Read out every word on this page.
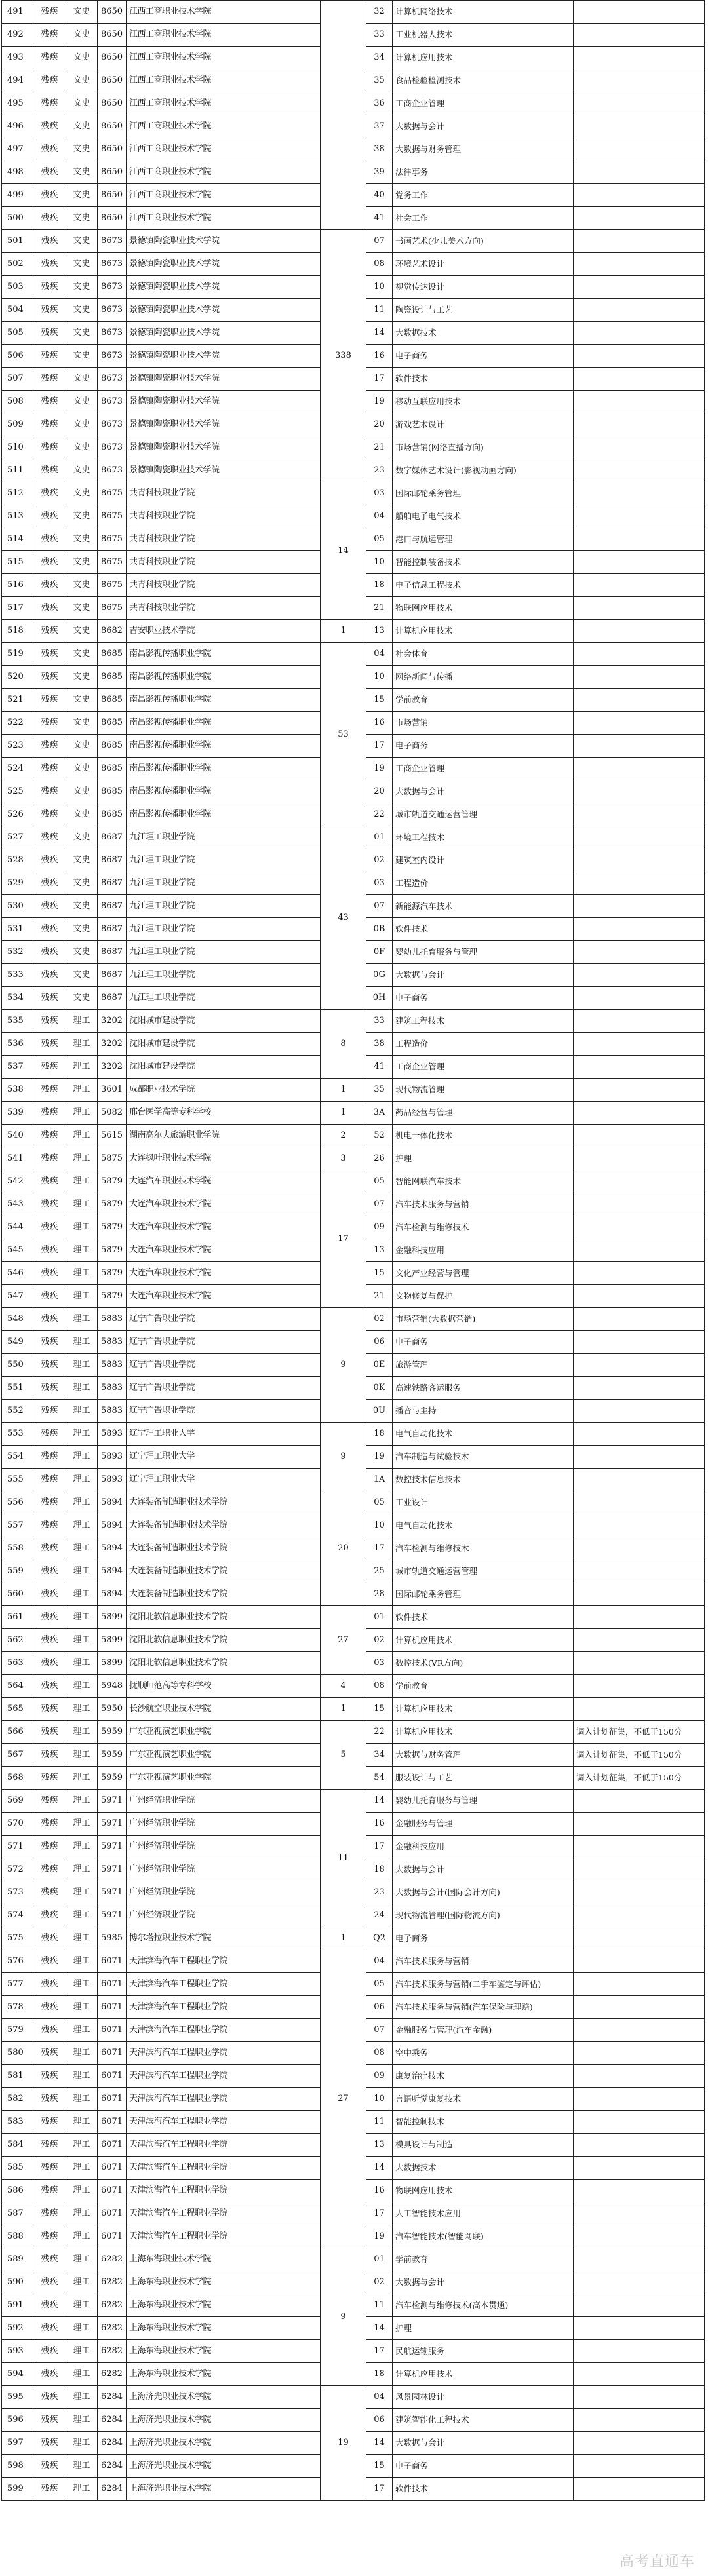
491	残疾	文史	8650	江西工商职业技术学院		32	计算机网络技术	
492	残疾	文史	8650	江西工商职业技术学院		33	工业机器人技术	
493	残疾	文史	8650	江西工商职业技术学院		34	计算机应用技术	
494	残疾	文史	8650	江西工商职业技术学院		35	食品检验检测技术	
495	残疾	文史	8650	江西工商职业技术学院		36	工商企业管理	
496	残疾	文史	8650	江西工商职业技术学院		37	大数据与会计	
497	残疾	文史	8650	江西工商职业技术学院		38	大数据与财务管理	
498	残疾	文史	8650	江西工商职业技术学院		39	法律事务	
499	残疾	文史	8650	江西工商职业技术学院		40	党务工作	
500	残疾	文史	8650	江西工商职业技术学院		41	社会工作	
501	残疾	文史	8673	景德镇陶瓷职业技术学院	338	07	书画艺术(少儿美术方向)	
502	残疾	文史	8673	景德镇陶瓷职业技术学院		08	环境艺术设计	
503	残疾	文史	8673	景德镇陶瓷职业技术学院		10	视觉传达设计	
504	残疾	文史	8673	景德镇陶瓷职业技术学院		11	陶瓷设计与工艺	
505	残疾	文史	8673	景德镇陶瓷职业技术学院		14	大数据技术	
506	残疾	文史	8673	景德镇陶瓷职业技术学院		16	电子商务	
507	残疾	文史	8673	景德镇陶瓷职业技术学院		17	软件技术	
508	残疾	文史	8673	景德镇陶瓷职业技术学院		19	移动互联应用技术	
509	残疾	文史	8673	景德镇陶瓷职业技术学院		20	游戏艺术设计	
510	残疾	文史	8673	景德镇陶瓷职业技术学院		21	市场营销(网络直播方向)	
511	残疾	文史	8673	景德镇陶瓷职业技术学院		23	数字媒体艺术设计(影视动画方向)	
512	残疾	文史	8675	共青科技职业学院	14	03	国际邮轮乘务管理	
513	残疾	文史	8675	共青科技职业学院		04	船舶电子电气技术	
514	残疾	文史	8675	共青科技职业学院		05	港口与航运管理	
515	残疾	文史	8675	共青科技职业学院		10	智能控制装备技术	
516	残疾	文史	8675	共青科技职业学院		18	电子信息工程技术	
517	残疾	文史	8675	共青科技职业学院		21	物联网应用技术	
518	残疾	文史	8682	吉安职业技术学院	1	13	计算机应用技术	
519	残疾	文史	8685	南昌影视传播职业学院	53	04	社会体育	
520	残疾	文史	8685	南昌影视传播职业学院		10	网络新闻与传播	
521	残疾	文史	8685	南昌影视传播职业学院		15	学前教育	
522	残疾	文史	8685	南昌影视传播职业学院		16	市场营销	
523	残疾	文史	8685	南昌影视传播职业学院		17	电子商务	
524	残疾	文史	8685	南昌影视传播职业学院		19	工商企业管理	
525	残疾	文史	8685	南昌影视传播职业学院		20	大数据与会计	
526	残疾	文史	8685	南昌影视传播职业学院		22	城市轨道交通运营管理	
527	残疾	文史	8687	九江理工职业学院	43	01	环境工程技术	
528	残疾	文史	8687	九江理工职业学院		02	建筑室内设计	
529	残疾	文史	8687	九江理工职业学院		03	工程造价	
530	残疾	文史	8687	九江理工职业学院		07	新能源汽车技术	
531	残疾	文史	8687	九江理工职业学院		0B	软件技术	
532	残疾	文史	8687	九江理工职业学院		0F	婴幼儿托育服务与管理	
533	残疾	文史	8687	九江理工职业学院		0G	大数据与会计	
534	残疾	文史	8687	九江理工职业学院		0H	电子商务	
535	残疾	理工	3202	沈阳城市建设学院	8	33	建筑工程技术	
536	残疾	理工	3202	沈阳城市建设学院		38	工程造价	
537	残疾	理工	3202	沈阳城市建设学院		41	工商企业管理	
538	残疾	理工	3601	成都职业技术学院	1	35	现代物流管理	
539	残疾	理工	5082	邢台医学高等专科学校	1	3A	药品经营与管理	
540	残疾	理工	5615	湖南高尔夫旅游职业学院	2	52	机电一体化技术	
541	残疾	理工	5875	大连枫叶职业技术学院	3	26	护理	
542	残疾	理工	5879	大连汽车职业技术学院	17	05	智能网联汽车技术	
543	残疾	理工	5879	大连汽车职业技术学院		07	汽车技术服务与营销	
544	残疾	理工	5879	大连汽车职业技术学院		09	汽车检测与维修技术	
545	残疾	理工	5879	大连汽车职业技术学院		13	金融科技应用	
546	残疾	理工	5879	大连汽车职业技术学院		15	文化产业经营与管理	
547	残疾	理工	5879	大连汽车职业技术学院		21	文物修复与保护	
548	残疾	理工	5883	辽宁广告职业学院	9	02	市场营销(大数据营销)	
549	残疾	理工	5883	辽宁广告职业学院		06	电子商务	
550	残疾	理工	5883	辽宁广告职业学院		0E	旅游管理	
551	残疾	理工	5883	辽宁广告职业学院		0K	高速铁路客运服务	
552	残疾	理工	5883	辽宁广告职业学院		0U	播音与主持	
553	残疾	理工	5893	辽宁理工职业大学	9	18	电气自动化技术	
554	残疾	理工	5893	辽宁理工职业大学		19	汽车制造与试验技术	
555	残疾	理工	5893	辽宁理工职业大学		1A	数控技术信息技术	
556	残疾	理工	5894	大连装备制造职业技术学院	20	05	工业设计	
557	残疾	理工	5894	大连装备制造职业技术学院		10	电气自动化技术	
558	残疾	理工	5894	大连装备制造职业技术学院		17	汽车检测与维修技术	
559	残疾	理工	5894	大连装备制造职业技术学院		25	城市轨道交通运营管理	
560	残疾	理工	5894	大连装备制造职业技术学院		28	国际邮轮乘务管理	
561	残疾	理工	5899	沈阳北软信息职业技术学院	27	01	软件技术	
562	残疾	理工	5899	沈阳北软信息职业技术学院		02	计算机应用技术	
563	残疾	理工	5899	沈阳北软信息职业技术学院		03	数控技术(VR方向)	
564	残疾	理工	5948	抚顺师范高等专科学校	4	08	学前教育	
565	残疾	理工	5950	长沙航空职业技术学院	1	15	计算机应用技术	
566	残疾	理工	5959	广东亚视演艺职业学院	5	22	计算机应用技术	调入计划征集，不低于150分
567	残疾	理工	5959	广东亚视演艺职业学院		34	大数据与财务管理	调入计划征集，不低于150分
568	残疾	理工	5959	广东亚视演艺职业学院		54	服装设计与工艺	调入计划征集，不低于150分
569	残疾	理工	5971	广州经济职业学院	11	14	婴幼儿托育服务与管理	
570	残疾	理工	5971	广州经济职业学院		16	金融服务与管理	
571	残疾	理工	5971	广州经济职业学院		17	金融科技应用	
572	残疾	理工	5971	广州经济职业学院		18	大数据与会计	
573	残疾	理工	5971	广州经济职业学院		23	大数据与会计(国际会计方向)	
574	残疾	理工	5971	广州经济职业学院		24	现代物流管理(国际物流方向)	
575	残疾	理工	5985	博尔塔拉职业技术学院	1	Q2	电子商务	
576	残疾	理工	6071	天津滨海汽车工程职业学院	27	04	汽车技术服务与营销	
577	残疾	理工	6071	天津滨海汽车工程职业学院		05	汽车技术服务与营销(二手车鉴定与评估)	
578	残疾	理工	6071	天津滨海汽车工程职业学院		06	汽车技术服务与营销(汽车保险与理赔)	
579	残疾	理工	6071	天津滨海汽车工程职业学院		07	金融服务与管理(汽车金融)	
580	残疾	理工	6071	天津滨海汽车工程职业学院		08	空中乘务	
581	残疾	理工	6071	天津滨海汽车工程职业学院		09	康复治疗技术	
582	残疾	理工	6071	天津滨海汽车工程职业学院		10	言语听觉康复技术	
583	残疾	理工	6071	天津滨海汽车工程职业学院		11	智能控制技术	
584	残疾	理工	6071	天津滨海汽车工程职业学院		13	模具设计与制造	
585	残疾	理工	6071	天津滨海汽车工程职业学院		14	大数据技术	
586	残疾	理工	6071	天津滨海汽车工程职业学院		16	物联网应用技术	
587	残疾	理工	6071	天津滨海汽车工程职业学院		17	人工智能技术应用	
588	残疾	理工	6071	天津滨海汽车工程职业学院		19	汽车智能技术(智能网联)	
589	残疾	理工	6282	上海东海职业技术学院	9	01	学前教育	
590	残疾	理工	6282	上海东海职业技术学院		02	大数据与会计	
591	残疾	理工	6282	上海东海职业技术学院		11	汽车检测与维修技术(高本贯通)	
592	残疾	理工	6282	上海东海职业技术学院		14	护理	
593	残疾	理工	6282	上海东海职业技术学院		17	民航运输服务	
594	残疾	理工	6282	上海东海职业技术学院		18	计算机应用技术	
595	残疾	理工	6284	上海济光职业技术学院	19	04	风景园林设计	
596	残疾	理工	6284	上海济光职业技术学院		06	建筑智能化工程技术	
597	残疾	理工	6284	上海济光职业技术学院		14	大数据与会计	
598	残疾	理工	6284	上海济光职业技术学院		15	电子商务	
599	残疾	理工	6284	上海济光职业技术学院		17	软件技术	
高考直通车
